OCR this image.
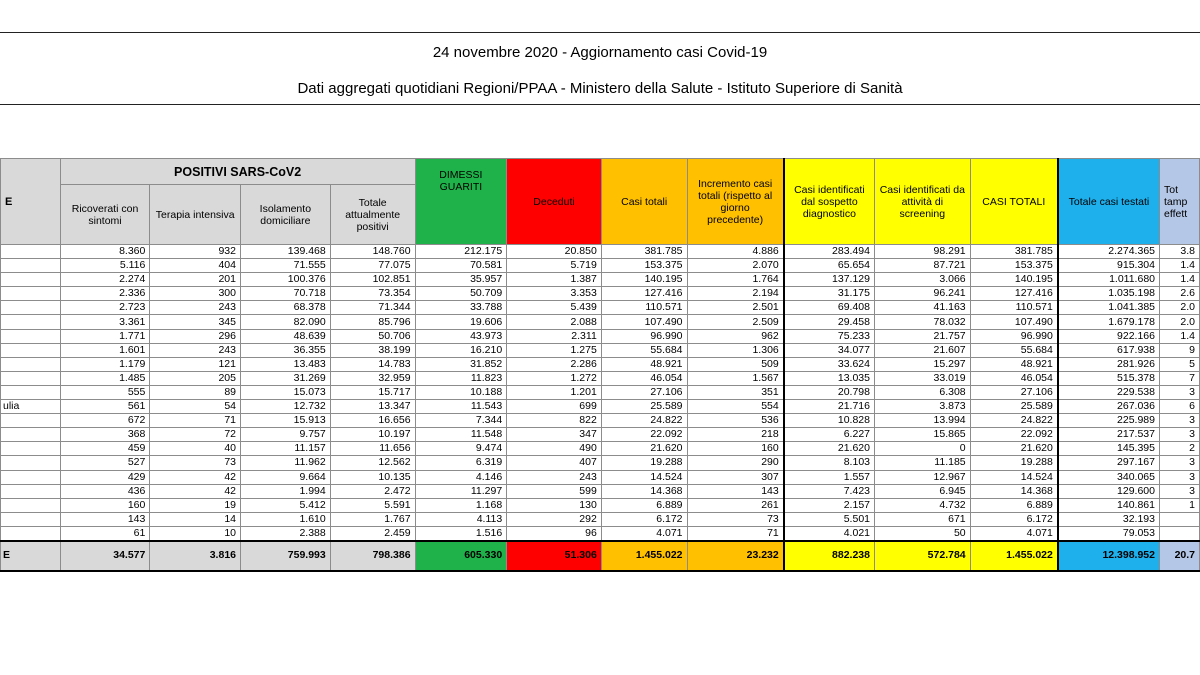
24 novembre 2020 - Aggiornamento casi Covid-19
Dati aggregati quotidiani Regioni/PPAA - Ministero della Salute - Istituto Superiore di Sanità
E	POSITIVI SARS-CoV2				DIMESSI GUARITI	Deceduti	Casi totali	Incremento casi totali (rispetto al giorno precedente)	Casi identificati dal sospetto diagnostico	Casi identificati da attività di screening	CASI TOTALI	Totale casi testati	Tot tamp effett
	Ricoverati con sintomi	Terapia intensiva	Isolamento domiciliare	Totale attualmente positivi									
	8.360	932	139.468	148.760	212.175	20.850	381.785	4.886	283.494	98.291	381.785	2.274.365	3.8
	5.116	404	71.555	77.075	70.581	5.719	153.375	2.070	65.654	87.721	153.375	915.304	1.4
	2.274	201	100.376	102.851	35.957	1.387	140.195	1.764	137.129	3.066	140.195	1.011.680	1.4
	2.336	300	70.718	73.354	50.709	3.353	127.416	2.194	31.175	96.241	127.416	1.035.198	2.6
	2.723	243	68.378	71.344	33.788	5.439	110.571	2.501	69.408	41.163	110.571	1.041.385	2.0
	3.361	345	82.090	85.796	19.606	2.088	107.490	2.509	29.458	78.032	107.490	1.679.178	2.0
	1.771	296	48.639	50.706	43.973	2.311	96.990	962	75.233	21.757	96.990	922.166	1.4
	1.601	243	36.355	38.199	16.210	1.275	55.684	1.306	34.077	21.607	55.684	617.938	9
	1.179	121	13.483	14.783	31.852	2.286	48.921	509	33.624	15.297	48.921	281.926	5
	1.485	205	31.269	32.959	11.823	1.272	46.054	1.567	13.035	33.019	46.054	515.378	7
	555	89	15.073	15.717	10.188	1.201	27.106	351	20.798	6.308	27.106	229.538	3
ulia	561	54	12.732	13.347	11.543	699	25.589	554	21.716	3.873	25.589	267.036	6
	672	71	15.913	16.656	7.344	822	24.822	536	10.828	13.994	24.822	225.989	3
	368	72	9.757	10.197	11.548	347	22.092	218	6.227	15.865	22.092	217.537	3
	459	40	11.157	11.656	9.474	490	21.620	160	21.620	0	21.620	145.395	2
	527	73	11.962	12.562	6.319	407	19.288	290	8.103	11.185	19.288	297.167	3
	429	42	9.664	10.135	4.146	243	14.524	307	1.557	12.967	14.524	340.065	3
	436	42	1.994	2.472	11.297	599	14.368	143	7.423	6.945	14.368	129.600	3
	160	19	5.412	5.591	1.168	130	6.889	261	2.157	4.732	6.889	140.861	1
	143	14	1.610	1.767	4.113	292	6.172	73	5.501	671	6.172	32.193	
	61	10	2.388	2.459	1.516	96	4.071	71	4.021	50	4.071	79.053	
E	34.577	3.816	759.993	798.386	605.330	51.306	1.455.022	23.232	882.238	572.784	1.455.022	12.398.952	20.7
